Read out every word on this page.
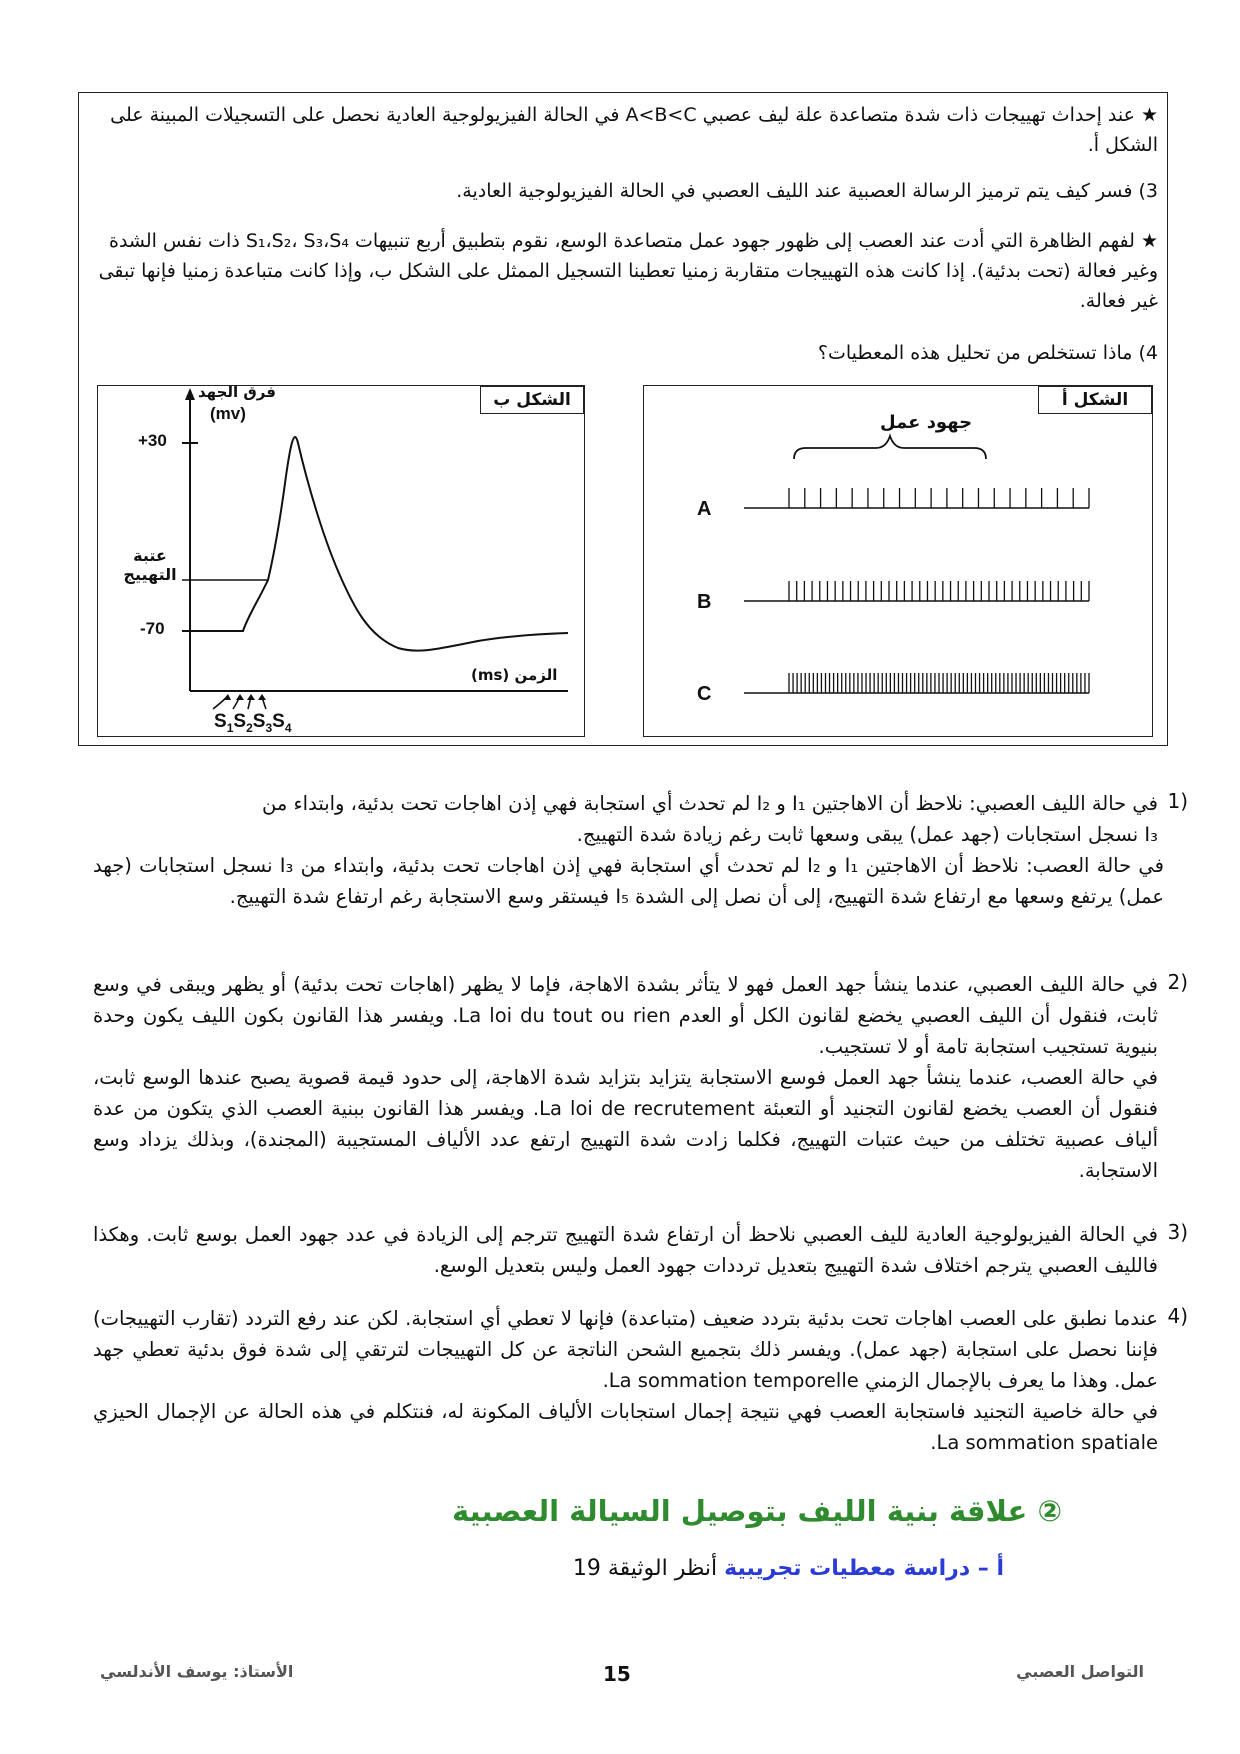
★ عند إحداث تهييجات ذات شدة متصاعدة علة ليف عصبي A<B<C في الحالة الفيزيولوجية العادية نحصل على التسجيلات المبينة على الشكل أ.
3) فسر كيف يتم ترميز الرسالة العصبية عند الليف العصبي في الحالة الفيزيولوجية العادية.
★ لفهم الظاهرة التي أدت عند العصب إلى ظهور جهود عمل متصاعدة الوسع، نقوم بتطبيق أربع تنبيهات S₁،S₂، S₃،S₄ ذات نفس الشدة وغير فعالة (تحت بدئية). إذا كانت هذه التهييجات متقاربة زمنيا تعطينا التسجيل الممثل على الشكل ب، وإذا كانت متباعدة زمنيا فإنها تبقى غير فعالة.
4) ماذا تستخلص من تحليل هذه المعطيات؟
الشكل ب
فرق الجهد
(mv)
+30
-70
عتبة
التهييج
الزمن (ms)
$S_1S_2S_3S_4$
الشكل أ
جهود عمل
A
B
C
1)

في حالة الليف العصبي: نلاحظ أن الاهاجتين I₁ و I₂ لم تحدث أي استجابة فهي إذن اهاجات تحت بدئية، وابتداء من

I₃ نسجل استجابات (جهد عمل) يبقى وسعها ثابت رغم زيادة شدة التهييج.

في حالة العصب: نلاحظ أن الاهاجتين I₁ و I₂ لم تحدث أي استجابة فهي إذن اهاجات تحت بدئية، وابتداء من I₃ نسجل استجابات (جهد عمل) يرتفع وسعها مع ارتفاع شدة التهييج، إلى أن نصل إلى الشدة I₅ فيستقر وسع الاستجابة رغم ارتفاع شدة التهييج.

2)

في حالة الليف العصبي، عندما ينشأ جهد العمل فهو لا يتأثر بشدة الاهاجة، فإما لا يظهر (اهاجات تحت بدئية) أو يظهر ويبقى في وسع ثابت، فنقول أن الليف العصبي يخضع لقانون الكل أو العدم La loi du tout ou rien. ويفسر هذا القانون بكون الليف يكون وحدة بنيوية تستجيب استجابة تامة أو لا تستجيب.

في حالة العصب، عندما ينشأ جهد العمل فوسع الاستجابة يتزايد بتزايد شدة الاهاجة، إلى حدود قيمة قصوية يصبح عندها الوسع ثابت، فنقول أن العصب يخضع لقانون التجنيد أو التعبئة La loi de recrutement. ويفسر هذا القانون ببنية العصب الذي يتكون من عدة ألياف عصبية تختلف من حيث عتبات التهييج، فكلما زادت شدة التهييج ارتفع عدد الألياف المستجيبة (المجندة)، وبذلك يزداد وسع الاستجابة.

3)
في الحالة الفيزيولوجية العادية لليف العصبي نلاحظ أن ارتفاع شدة التهييج تترجم إلى الزيادة في عدد جهود العمل بوسع ثابت. وهكذا فالليف العصبي يترجم اختلاف شدة التهييج بتعديل ترددات جهود العمل وليس بتعديل الوسع.
4)

عندما نطبق على العصب اهاجات تحت بدئية بتردد ضعيف (متباعدة) فإنها لا تعطي أي استجابة. لكن عند رفع التردد (تقارب التهييجات) فإننا نحصل على استجابة (جهد عمل). ويفسر ذلك بتجميع الشحن الناتجة عن كل التهييجات لترتقي إلى شدة فوق بدئية تعطي جهد عمل. وهذا ما يعرف بالإجمال الزمني La sommation temporelle.

في حالة خاصية التجنيد فاستجابة العصب فهي نتيجة إجمال استجابات الألياف المكونة له، فنتكلم في هذه الحالة عن الإجمال الحيزي La sommation spatiale.

② علاقة بنية الليف بتوصيل السيالة العصبية
أ – دراسة معطيات تجريبية أنظر الوثيقة 19
الأستاذ: يوسف الأندلسي	15	التواصل العصبي
